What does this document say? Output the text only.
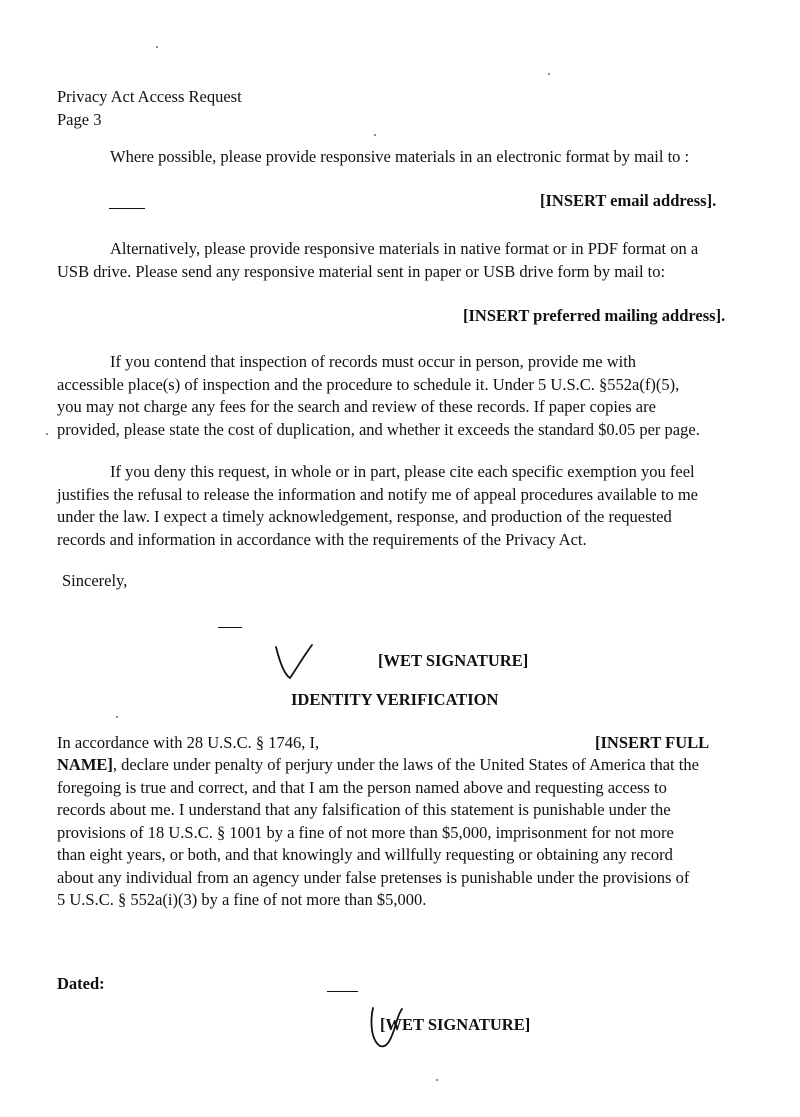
Privacy Act Access Request
Page 3
Where possible, please provide responsive materials in an electronic format by mail to :
[INSERT email address].
Alternatively, please provide responsive materials in native format or in PDF format on a
USB drive. Please send any responsive material sent in paper or USB drive form by mail to:
[INSERT preferred mailing address].
If you contend that inspection of records must occur in person, provide me with
accessible place(s) of inspection and the procedure to schedule it. Under 5 U.S.C. §552a(f)(5),
you may not charge any fees for the search and review of these records. If paper copies are
provided, please state the cost of duplication, and whether it exceeds the standard $0.05 per page.
If you deny this request, in whole or in part, please cite each specific exemption you feel
justifies the refusal to release the information and notify me of appeal procedures available to me
under the law. I expect a timely acknowledgement, response, and production of the requested
records and information in accordance with the requirements of the Privacy Act.
Sincerely,
[WET SIGNATURE]
IDENTITY VERIFICATION
In accordance with 28 U.S.C. § 1746, I,	[INSERT FULL
NAME], declare under penalty of perjury under the laws of the United States of America that the
foregoing is true and correct, and that I am the person named above and requesting access to
records about me. I understand that any falsification of this statement is punishable under the
provisions of 18 U.S.C. § 1001 by a fine of not more than $5,000, imprisonment for not more
than eight years, or both, and that knowingly and willfully requesting or obtaining any record
about any individual from an agency under false pretenses is punishable under the provisions of
5 U.S.C. § 552a(i)(3) by a fine of not more than $5,000.
Dated:
[WET SIGNATURE]
